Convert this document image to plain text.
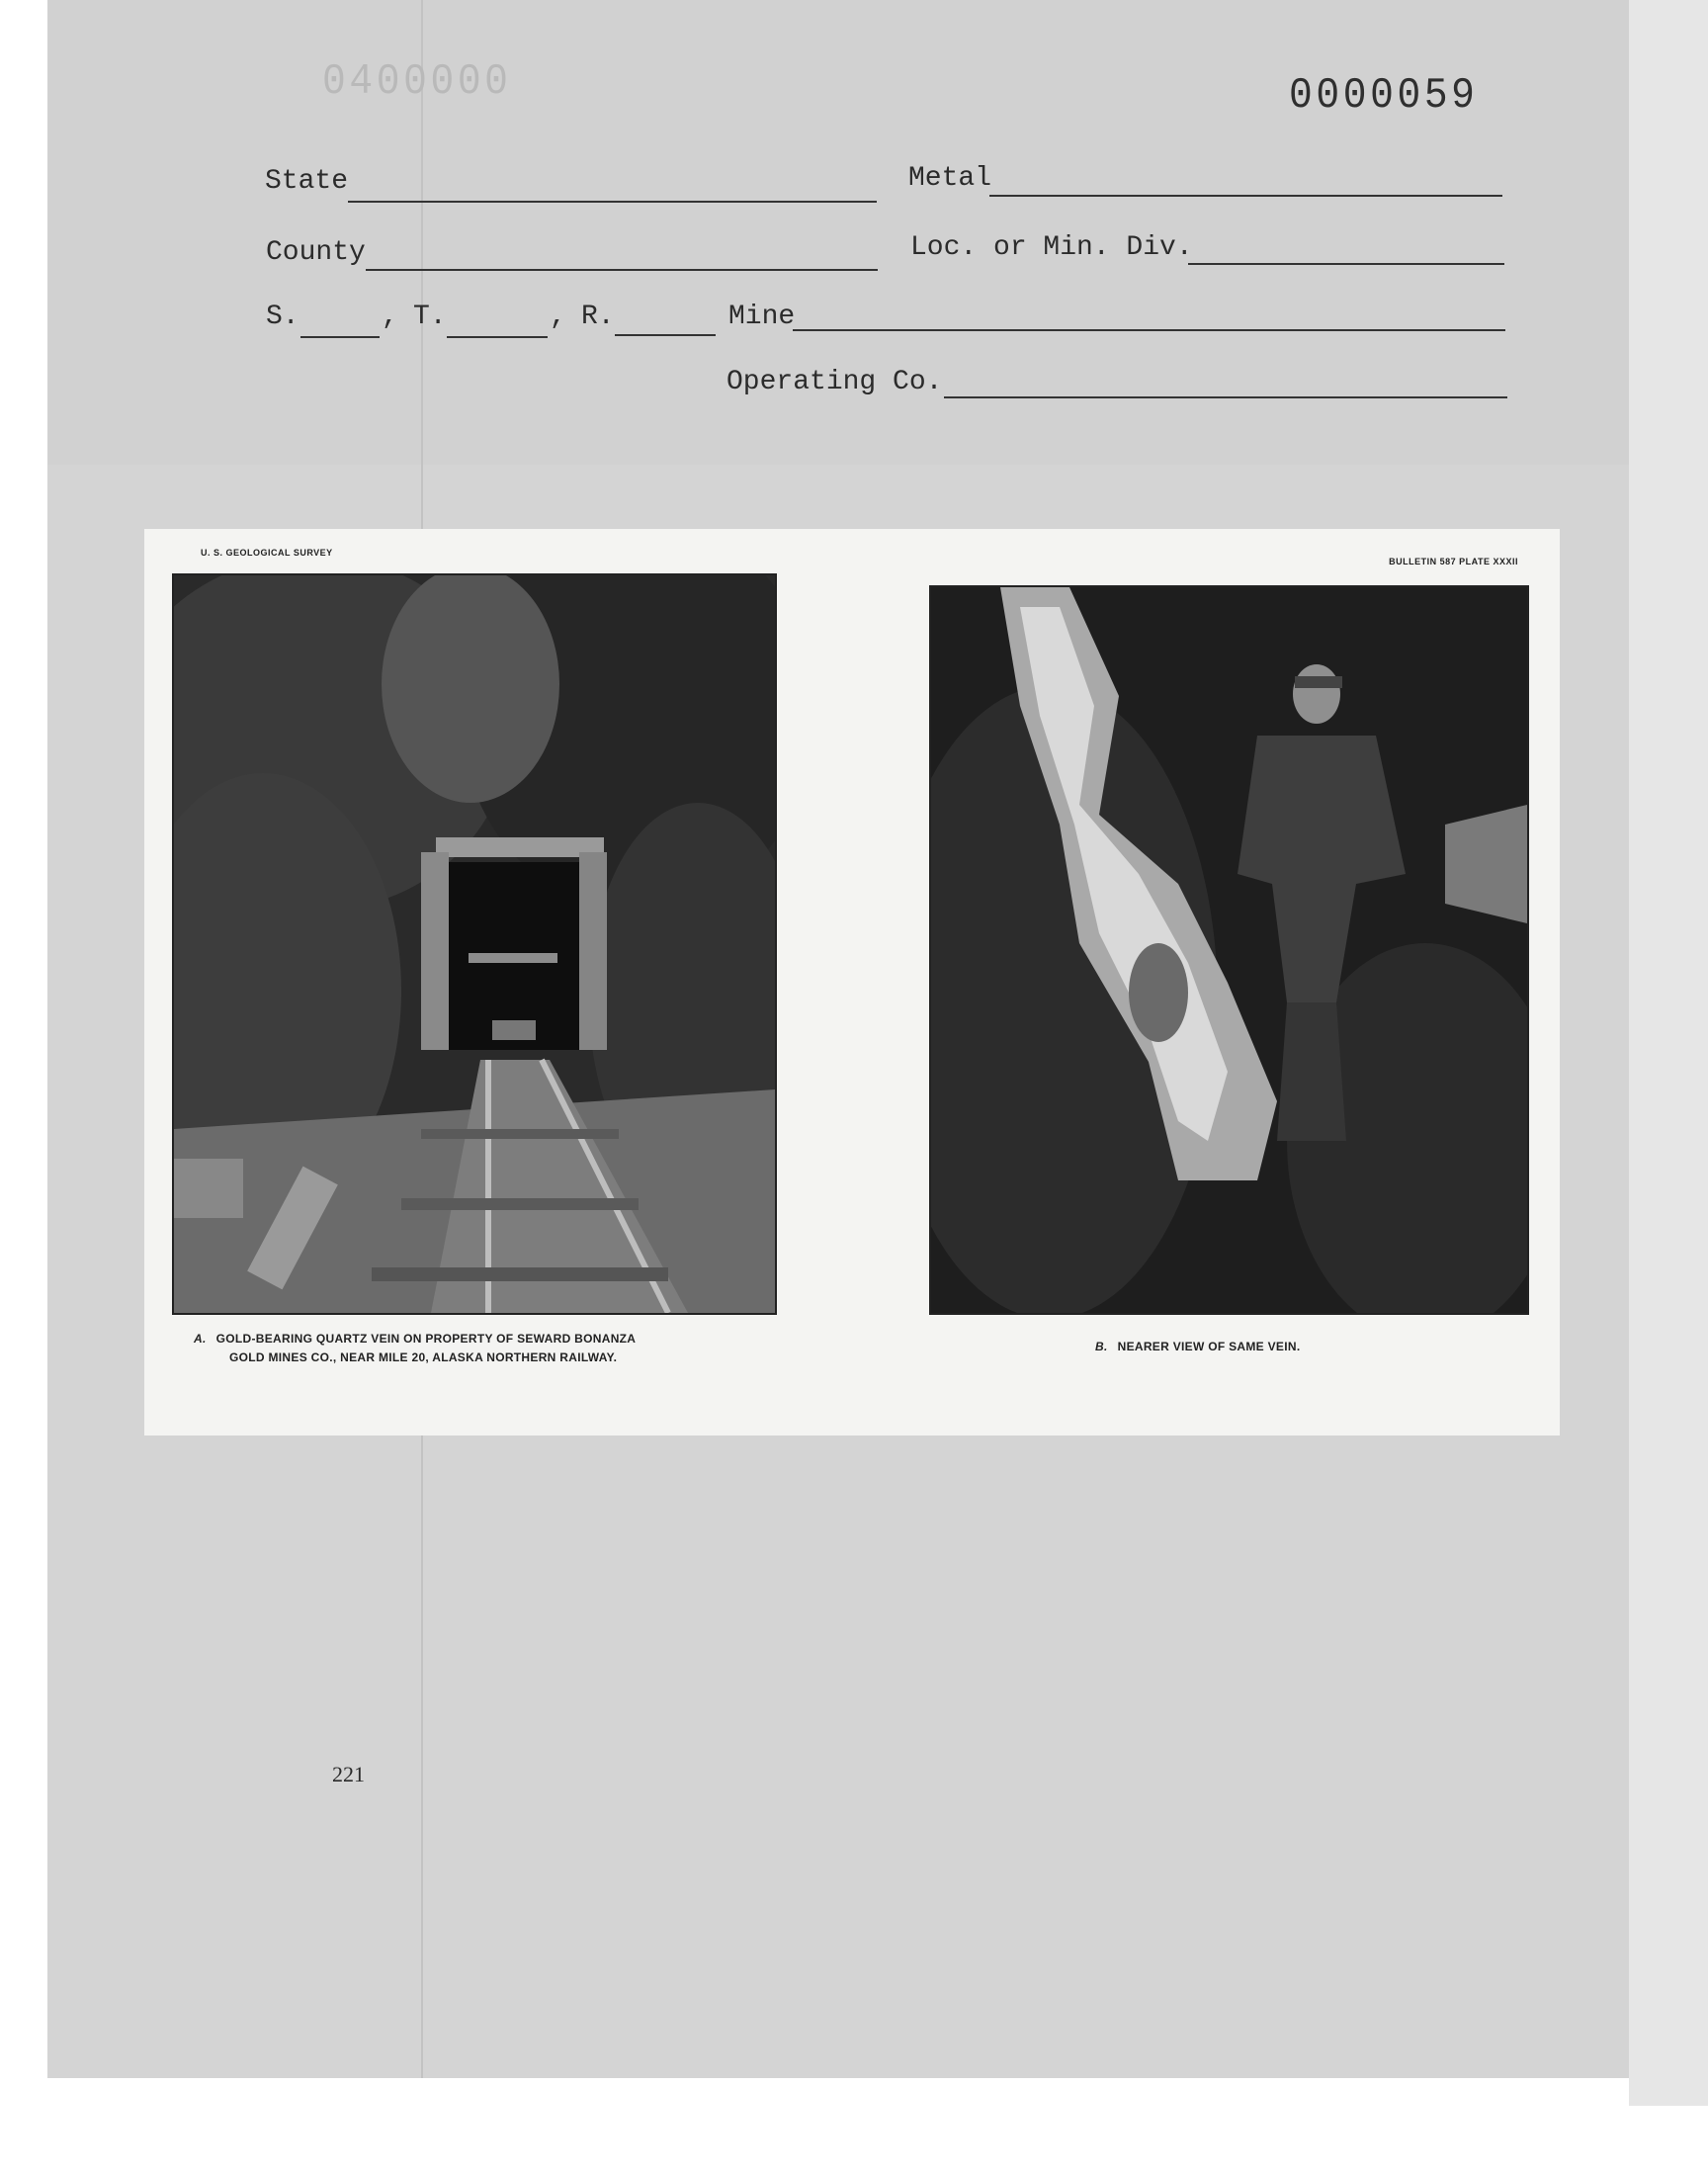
0400000	0000059
State	Metal
County	Loc. or Min. Div.
S.	, T.	, R.	Mine
Operating Co.
221
U. S. GEOLOGICAL SURVEY
BULLETIN 587 PLATE XXXII
A. GOLD-BEARING QUARTZ VEIN ON PROPERTY OF SEWARD BONANZA
GOLD MINES CO., NEAR MILE 20, ALASKA NORTHERN RAILWAY.
B. NEARER VIEW OF SAME VEIN.
